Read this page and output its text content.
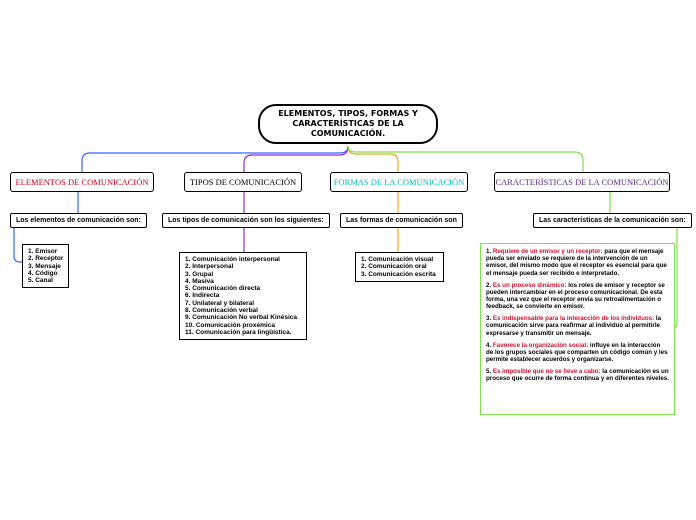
ELEMENTOS, TIPOS, FORMAS Y
CARACTERÍSTICAS DE LA COMUNICACIÓN.
ELEMENTOS DE COMUNICACIÓN	TIPOS DE COMUNICACIÓN	FORMAS DE LA COMUNICACIÓN	CARACTERÍSTICAS DE LA COMUNICACIÓN
Los elementos de comunicación son:	Los tipos de comunicación son los siguientes:	Las formas de comunicación son	Las características de la comunicación son:
1. Emisor
2. Receptor
3. Mensaje
4. Código
5. Canal
1. Comunicación interpersonal
2. Interpersonal
3. Grupal
4. Masiva
5. Comunicación directa
6. Indirecta
7. Unilateral y bilateral
8. Comunicación verbal
9. Comunicación No verbal Kinésica
10. Comunicación proxémica
11. Comunicación para lingüística.
1. Comunicación visual
2. Comunicación oral
3. Comunicación escrita

1. Requiere de un emisor y un receptor: para que el mensaje pueda ser enviado se requiere de la intervención de un emisor, del mismo modo que el receptor es esencial para que el mensaje pueda ser recibido e interpretado.

2. Es un proceso dinámico: los roles de emisor y receptor se pueden intercambiar en el proceso comunicacional. De esta forma, una vez que el receptor envía su retroalimentación o feedback, se convierte en emisor.

3. Es indispensable para la interacción de los individuos: la comunicación sirve para reafirmar al individuo al permitirle expresarse y transmitir un mensaje.

4. Favorece la organización social: influye en la interacción de los grupos sociales que comparten un código común y les permite establecer acuerdos y organizarse.

5. Es imposible que no se lleve a cabo: la comunicación es un proceso que ocurre de forma continua y en diferentes niveles.
